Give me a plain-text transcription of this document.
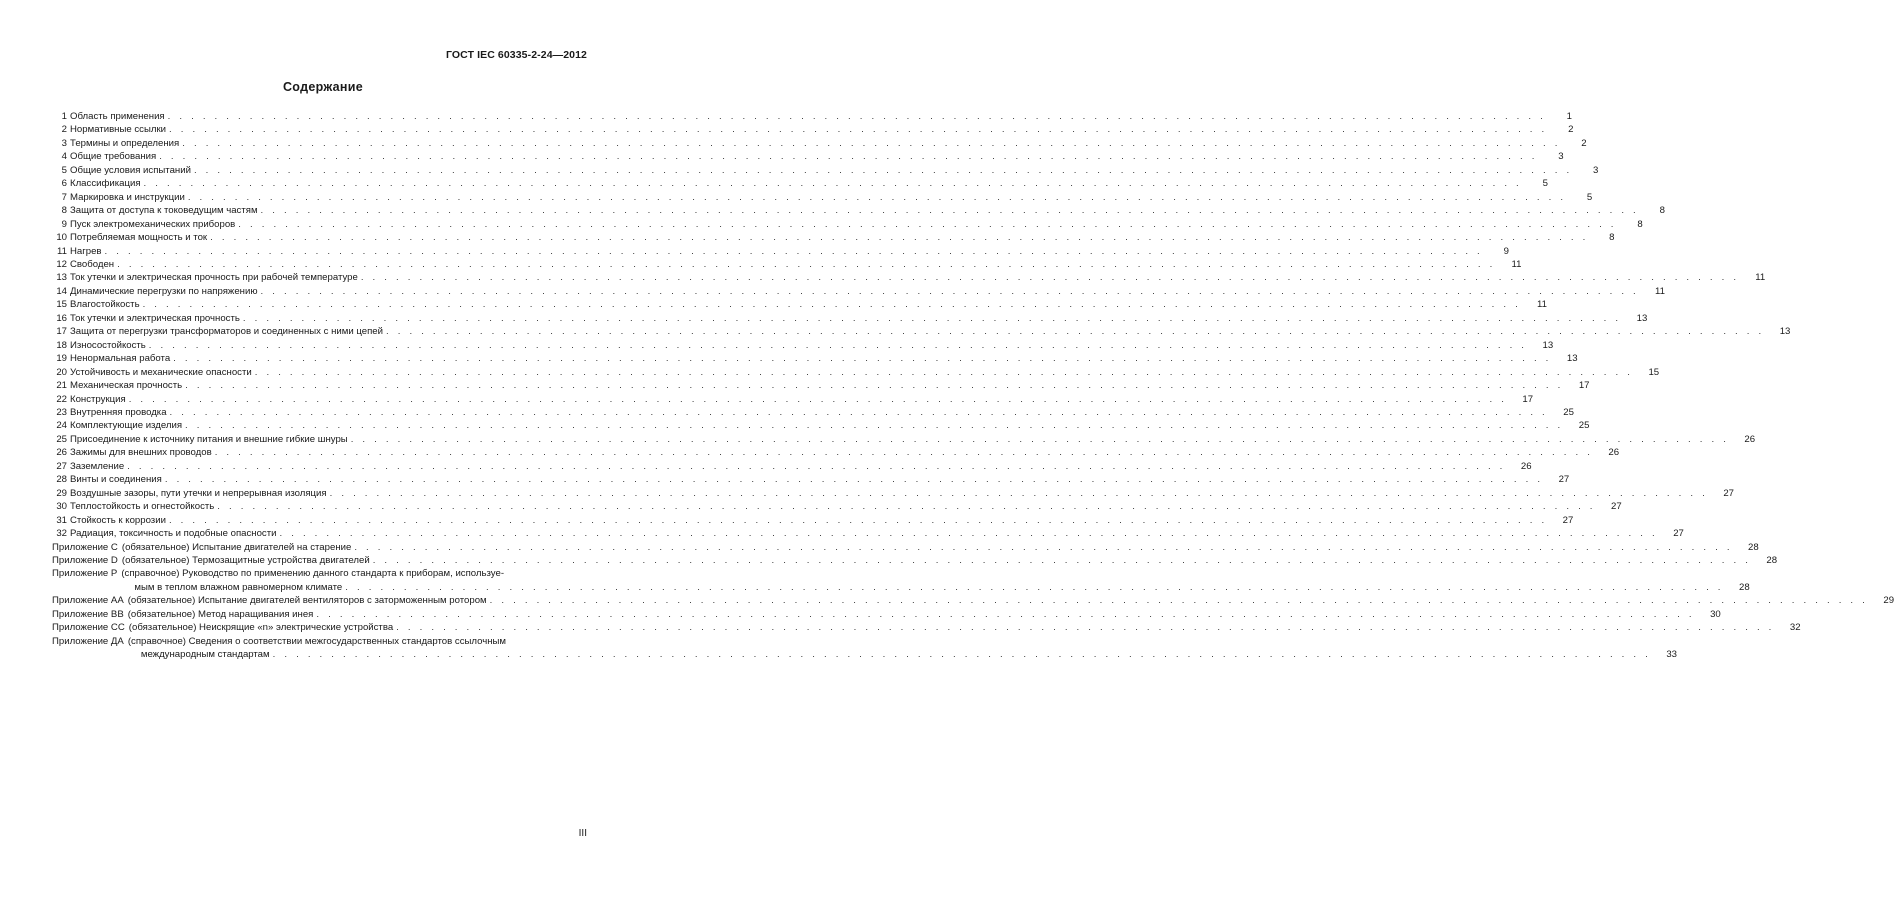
ГОСТ IEC 60335-2-24—2012
Содержание
1 Область применения . . .	1
2 Нормативные ссылки . . .	2
3 Термины и определения . . .	2
4 Общие требования . . .	3
5 Общие условия испытаний . . .	3
6 Классификация . . .	5
7 Маркировка и инструкции . . .	5
8 Защита от доступа к токоведущим частям . . .	8
9 Пуск электромеханических приборов . . .	8
10 Потребляемая мощность и ток . . .	8
11 Нагрев . . .	9
12 Свободен . . .	11
13 Ток утечки и электрическая прочность при рабочей температуре . . .	11
14 Динамические перегрузки по напряжению . . .	11
15 Влагостойкость . . .	11
16 Ток утечки и электрическая прочность . . .	13
17 Защита от перегрузки трансформаторов и соединенных с ними цепей . . .	13
18 Износостойкость . . .	13
19 Ненормальная работа . . .	13
20 Устойчивость и механические опасности . . .	15
21 Механическая прочность . . .	17
22 Конструкция . . .	17
23 Внутренняя проводка . . .	25
24 Комплектующие изделия . . .	25
25 Присоединение к источнику питания и внешние гибкие шнуры . . .	26
26 Зажимы для внешних проводов . . .	26
27 Заземление . . .	26
28 Винты и соединения . . .	27
29 Воздушные зазоры, пути утечки и непрерывная изоляция . . .	27
30 Теплостойкость и огнестойкость . . .	27
31 Стойкость к коррозии . . .	27
32 Радиация, токсичность и подобные опасности . . .	27
Приложение С (обязательное) Испытание двигателей на старение . . .	28
Приложение D (обязательное) Термозащитные устройства двигателей . . .	28
Приложение Р (справочное) Руководство по применению данного стандарта к приборам, используе-
мым в теплом влажном равномерном климате . . .	28
Приложение АА (обязательное) Испытание двигателей вентиляторов с заторможенным ротором . . .	29
Приложение ВВ (обязательное) Метод наращивания инея . . .	30
Приложение СС (обязательное) Неискрящие «n» электрические устройства . . .	32
Приложение ДА (справочное) Сведения о соответствии межгосударственных стандартов ссылочным
международным стандартам . . .	33
III
